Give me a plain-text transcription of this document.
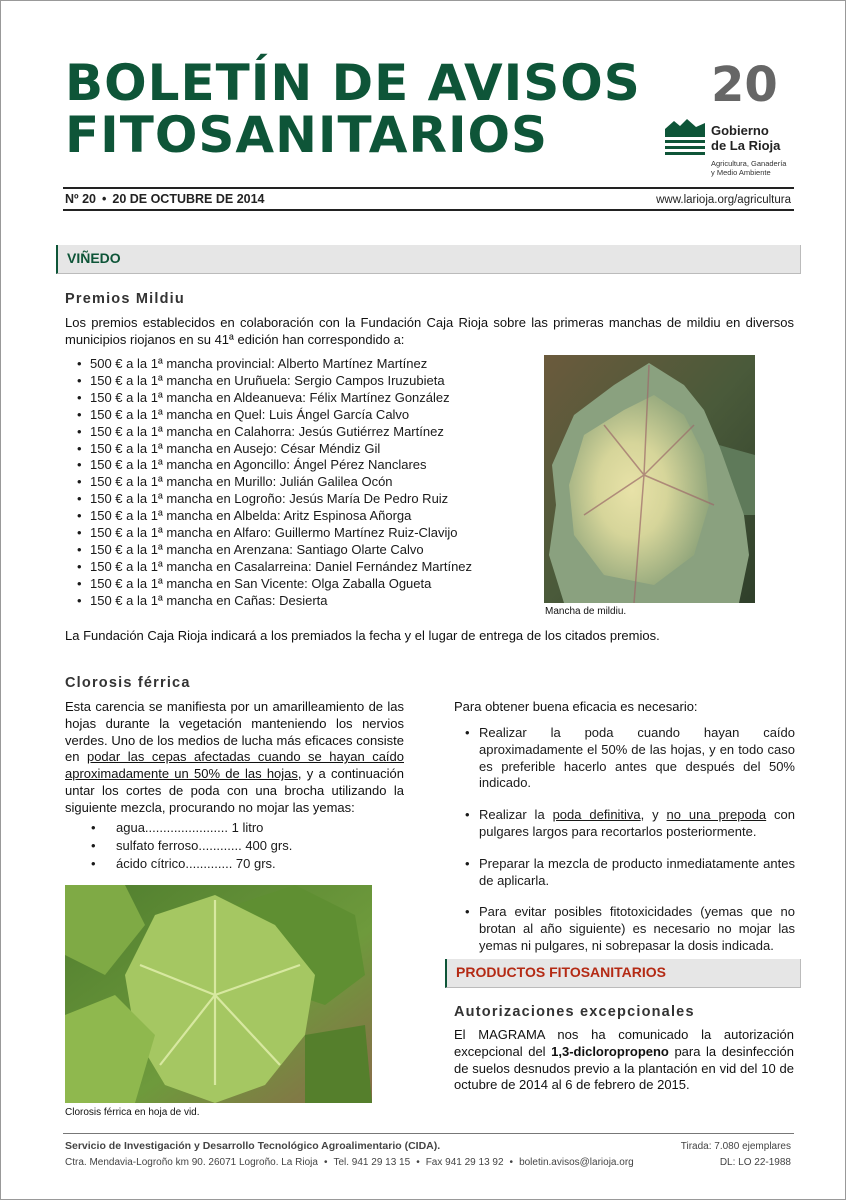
BOLETÍN DE AVISOS
FITOSANITARIOS
20
Gobierno
de La Rioja
Agricultura, Ganadería
y Medio Ambiente
Nº 20 • 20 DE OCTUBRE DE 2014	www.larioja.org/agricultura
VIÑEDO
Premios Mildiu
Los premios establecidos en colaboración con la Fundación Caja Rioja sobre las primeras manchas de mildiu en diversos municipios riojanos en su 41ª edición han correspondido a:
• 500 € a la 1ª mancha provincial: Alberto Martínez Martínez
• 150 € a la 1ª mancha en Uruñuela: Sergio Campos Iruzubieta
• 150 € a la 1ª mancha en Aldeanueva: Félix Martínez González
• 150 € a la 1ª mancha en Quel: Luis Ángel García Calvo
• 150 € a la 1ª mancha en Calahorra: Jesús Gutiérrez Martínez
• 150 € a la 1ª mancha en Ausejo: César Méndiz Gil
• 150 € a la 1ª mancha en Agoncillo: Ángel Pérez Nanclares
• 150 € a la 1ª mancha en Murillo: Julián Galilea Ocón
• 150 € a la 1ª mancha en Logroño: Jesús María De Pedro Ruiz
• 150 € a la 1ª mancha en Albelda: Aritz Espinosa Añorga
• 150 € a la 1ª mancha en Alfaro: Guillermo Martínez Ruiz-Clavijo
• 150 € a la 1ª mancha en Arenzana: Santiago Olarte Calvo
• 150 € a la 1ª mancha en Casalarreina: Daniel Fernández Martínez
• 150 € a la 1ª mancha en San Vicente: Olga Zaballa Ogueta
• 150 € a la 1ª mancha en Cañas: Desierta
Mancha de mildiu.
La Fundación Caja Rioja indicará a los premiados la fecha y el lugar de entrega de los citados premios.
Clorosis férrica
Esta carencia se manifiesta por un amarilleamiento de las hojas durante la vegetación manteniendo los nervios verdes. Uno de los medios de lucha más eficaces consiste en podar las cepas afectadas cuando se hayan caído aproximadamente un 50% de las hojas, y a continuación untar los cortes de poda con una brocha utilizando la siguiente mezcla, procurando no mojar las yemas:
• agua....................... 1 litro
• sulfato ferroso............ 400 grs.
• ácido cítrico............. 70 grs.
Clorosis férrica en hoja de vid.
Para obtener buena eficacia es necesario:
• Realizar la poda cuando hayan caído aproximadamente el 50% de las hojas, y en todo caso es preferible hacerlo antes que después del 50% indicado.
• Realizar la poda definitiva, y no una prepoda con pulgares largos para recortarlos posteriormente.
• Preparar la mezcla de producto inmediatamente antes de aplicarla.
• Para evitar posibles fitotoxicidades (yemas que no brotan al año siguiente) es necesario no mojar las yemas ni pulgares, ni sobrepasar la dosis indicada.
PRODUCTOS FITOSANITARIOS
Autorizaciones excepcionales
El MAGRAMA nos ha comunicado la autorización excepcional del 1,3-dicloropropeno para la desinfección de suelos desnudos previo a la plantación en vid del 10 de octubre de 2014 al 6 de febrero de 2015.
Servicio de Investigación y Desarrollo Tecnológico Agroalimentario (CIDA).
Ctra. Mendavia-Logroño km 90. 26071 Logroño. La Rioja • Tel. 941 29 13 15 • Fax 941 29 13 92 • boletin.avisos@larioja.org
Tirada: 7.080 ejemplares
DL: LO 22-1988
